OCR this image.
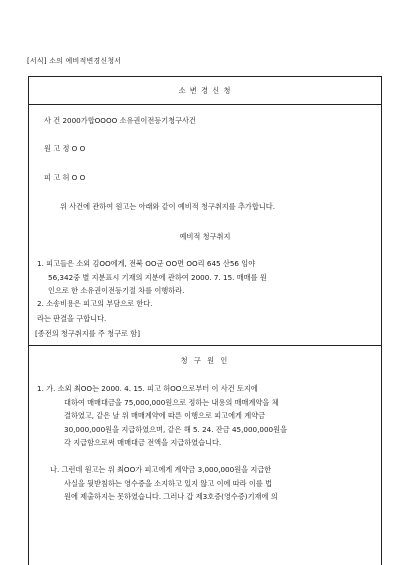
[서식] 소의 예비적변경신청서
소 변 경 신 청
사 건 2000가합OOOO 소유권이전등기청구사건
원 고 정 O O
피 고 허 O O
위 사건에 관하여 원고는 아래와 같이 예비적 청구취지를 추가합니다.
예비적 청구취지
1. 피고들은 소외 김OO에게, 전북 OO군 OO면 OO리 645 산56 임야
56,342중 별 지분표시 기재의 지분에 관하여 2000. 7. 15. 매매를 원
인으로 한 소유권이전등기절 차를 이행하라.
2. 소송비용은 피고의 부담으로 한다.
라는 판결을 구합니다.
[종전의 청구취지를 주 청구로 함]
청 구 원 인
1. 가. 소외 최OO는 2000. 4. 15. 피고 허OO으로부터 이 사건 토지에
대하여 매매대금을 75,000,000원으로 정하는 내용의 매매계약을 체
결하였고, 같은 날 위 매매계약에 따른 이행으로 피고에게 계약금
30,000,000원을 지급하였으며, 같은 해 5. 24. 잔금 45,000,000원을
각 지급함으로써 매매대금 전액을 지급하였습니다.
나. 그런데 원고는 위 최OO가 피고에게 계약금 3,000,000원을 지급한
사실을 뒷받침하는 영수증을 소지하고 있지 않고 이에 따라 이를 법
원에 제출하지는 못하였습니다. 그러나 갑 제3호증(영수증)기재에 의
